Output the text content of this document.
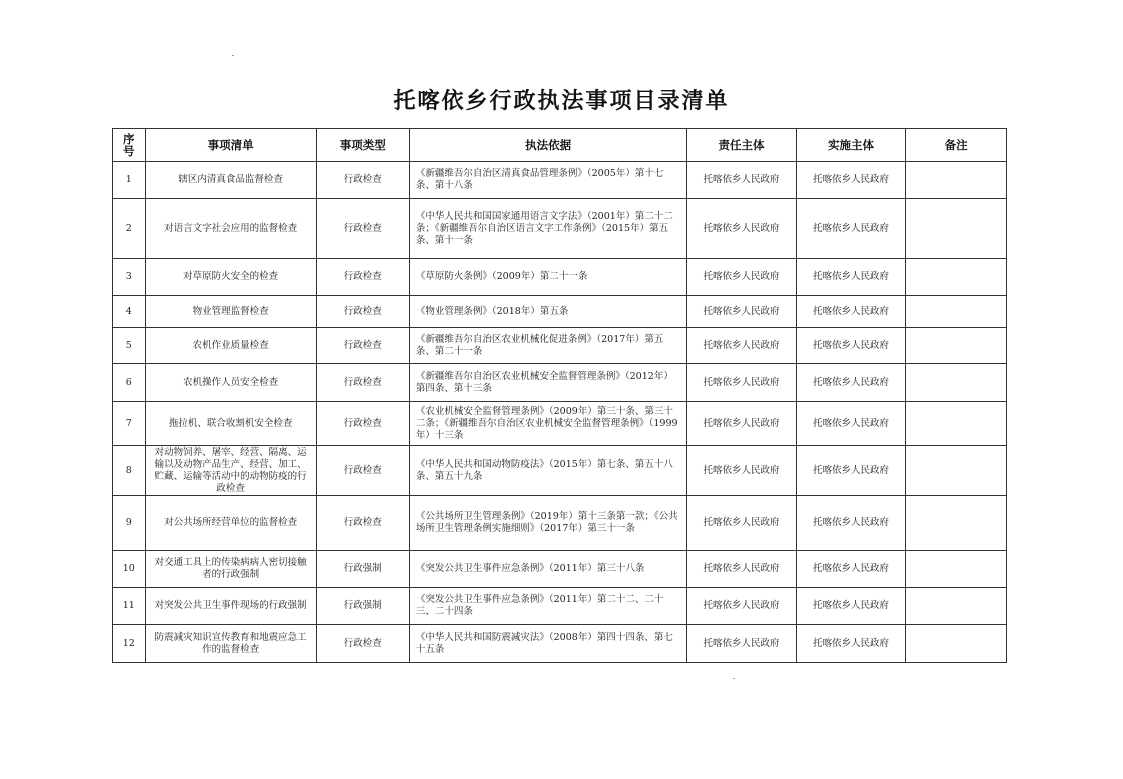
托喀依乡行政执法事项目录清单
序号	事项清单	事项类型	执法依据	责任主体	实施主体	备注
1	辖区内清真食品监督检查	行政检查	《新疆维吾尔自治区清真食品管理条例》（2005年）第十七条、第十八条	托喀依乡人民政府	托喀依乡人民政府	
2	对语言文字社会应用的监督检查	行政检查	《中华人民共和国国家通用语言文字法》（2001年）第二十二条；《新疆维吾尔自治区语言文字工作条例》（2015年）第五条、第十一条	托喀依乡人民政府	托喀依乡人民政府	
3	对草原防火安全的检查	行政检查	《草原防火条例》（2009年）第二十一条	托喀依乡人民政府	托喀依乡人民政府	
4	物业管理监督检查	行政检查	《物业管理条例》（2018年）第五条	托喀依乡人民政府	托喀依乡人民政府	
5	农机作业质量检查	行政检查	《新疆维吾尔自治区农业机械化促进条例》（2017年）第五条、第二十一条	托喀依乡人民政府	托喀依乡人民政府	
6	农机操作人员安全检查	行政检查	《新疆维吾尔自治区农业机械安全监督管理条例》（2012年）第四条、第十三条	托喀依乡人民政府	托喀依乡人民政府	
7	拖拉机、联合收割机安全检查	行政检查	《农业机械安全监督管理条例》（2009年）第三十条、第三十二条；《新疆维吾尔自治区农业机械安全监督管理条例》（1999年）十三条	托喀依乡人民政府	托喀依乡人民政府	
8	对动物饲养、屠宰、经营、隔离、运输以及动物产品生产、经营、加工、贮藏、运输等活动中的动物防疫的行政检查	行政检查	《中华人民共和国动物防疫法》（2015年）第七条、第五十八条、第五十九条	托喀依乡人民政府	托喀依乡人民政府	
9	对公共场所经营单位的监督检查	行政检查	《公共场所卫生管理条例》（2019年）第十三条第一款；《公共场所卫生管理条例实施细则》（2017年）第三十一条	托喀依乡人民政府	托喀依乡人民政府	
10	对交通工具上的传染病病人密切接触者的行政强制	行政强制	《突发公共卫生事件应急条例》（2011年）第三十八条	托喀依乡人民政府	托喀依乡人民政府	
11	对突发公共卫生事件现场的行政强制	行政强制	《突发公共卫生事件应急条例》（2011年）第二十二、二十三、二十四条	托喀依乡人民政府	托喀依乡人民政府	
12	防震减灾知识宣传教育和地震应急工作的监督检查	行政检查	《中华人民共和国防震减灾法》（2008年）第四十四条、第七十五条	托喀依乡人民政府	托喀依乡人民政府	
